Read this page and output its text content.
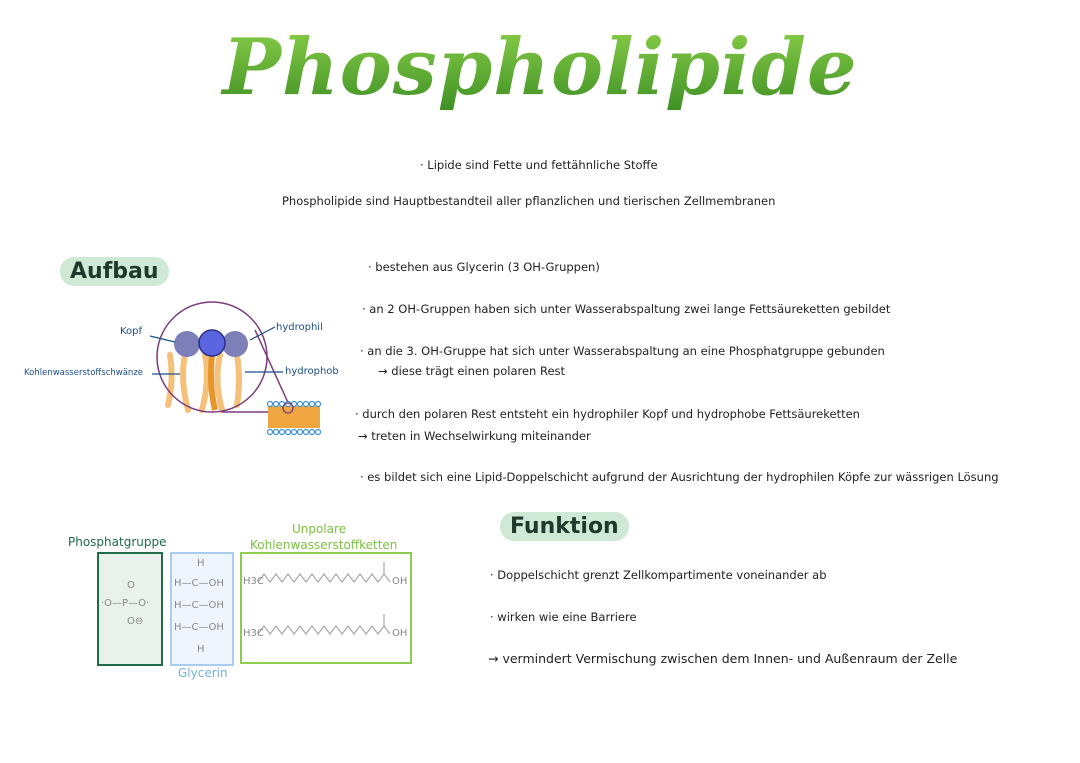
Phospholipide
· Lipide sind Fette und fettähnliche Stoffe
Phospholipide sind Hauptbestandteil aller pflanzlichen und tierischen Zellmembranen
Aufbau	· bestehen aus Glycerin (3 OH-Gruppen)
· an 2 OH-Gruppen haben sich unter Wasserabspaltung zwei lange Fettsäureketten gebildet
· an die 3. OH-Gruppe hat sich unter Wasserabspaltung an eine Phosphatgruppe gebunden
→ diese trägt einen polaren Rest
· durch den polaren Rest entsteht ein hydrophiler Kopf und hydrophobe Fettsäureketten
→ treten in Wechselwirkung miteinander
· es bildet sich eine Lipid-Doppelschicht aufgrund der Ausrichtung der hydrophilen Köpfe zur wässrigen Lösung
Kopf	hydrophil
Kohlenwasserstoffschwänze	hydrophob
Phosphatgruppe
·O—P—O·
O
O⊖
H
H—C—OH
H—C—OH
H—C—OH
H
Glycerin
Unpolare
Kohlenwasserstoffketten
H3C
H3C
OH
OH
Funktion
· Doppelschicht grenzt Zellkompartimente voneinander ab
· wirken wie eine Barriere
→ vermindert Vermischung zwischen dem Innen- und Außenraum der Zelle
